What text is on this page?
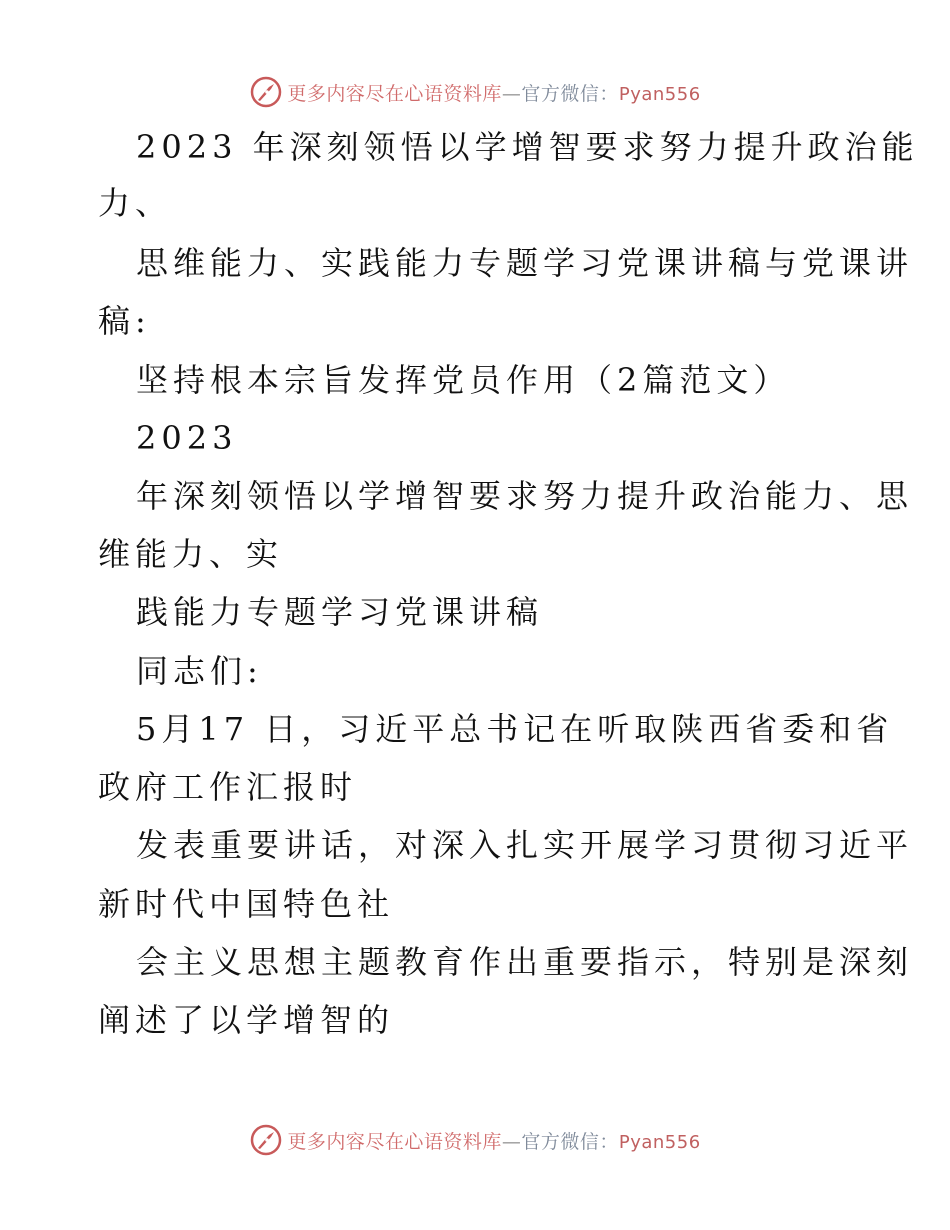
更多内容尽在心语资料库—官方微信：Pyan556
2023 年深刻领悟以学增智要求努力提升政治能
力、
思维能力、实践能力专题学习党课讲稿与党课讲
稿:
坚持根本宗旨发挥党员作用（2篇范文）
2023
年深刻领悟以学增智要求努力提升政治能力、思
维能力、实
践能力专题学习党课讲稿
同志们:
5月17 日，习近平总书记在听取陕西省委和省
政府工作汇报时
发表重要讲话，对深入扎实开展学习贯彻习近平
新时代中国特色社
会主义思想主题教育作出重要指示，特别是深刻
阐述了以学增智的
更多内容尽在心语资料库—官方微信：Pyan556
